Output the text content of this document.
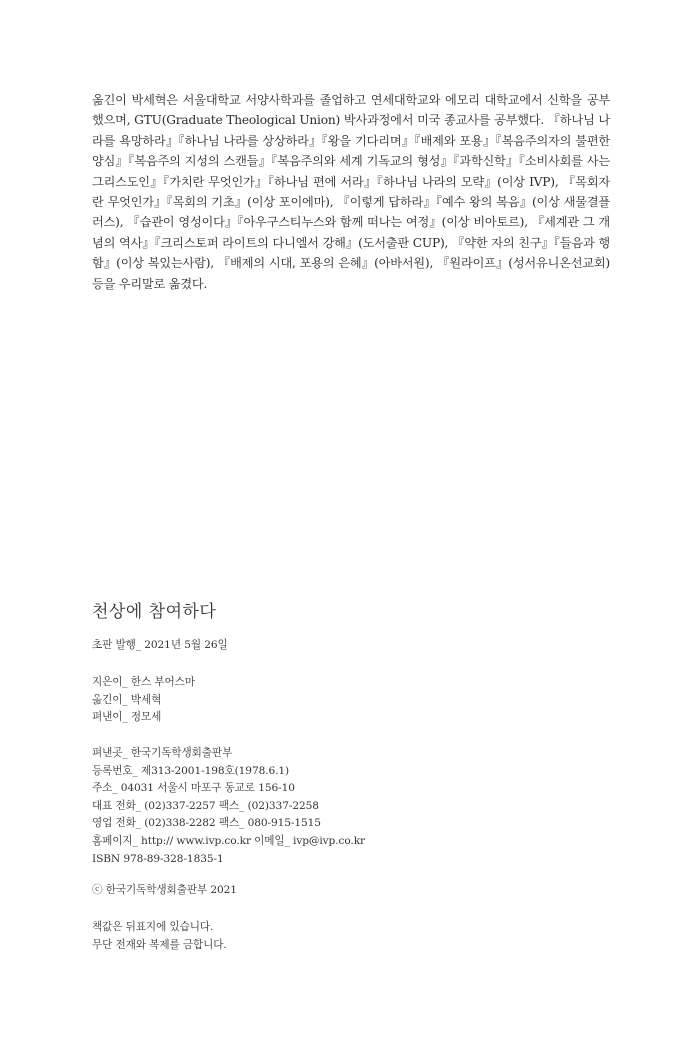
옮긴이 박세혁은 서울대학교 서양사학과를 졸업하고 연세대학교와 에모리 대학교에서 신학을 공부했으며, GTU(Graduate Theological Union) 박사과정에서 미국 종교사를 공부했다. 『하나님 나라를 욕망하라』『하나님 나라를 상상하라』『왕을 기다리며』『배제와 포용』『복음주의자의 불편한 양심』『복음주의 지성의 스캔들』『복음주의와 세계 기독교의 형성』『과학신학』『소비사회를 사는 그리스도인』『가치란 무엇인가』『하나님 편에 서라』『하나님 나라의 모략』(이상 IVP), 『목회자란 무엇인가』『목회의 기초』(이상 포이에마), 『이렇게 답하라』『예수 왕의 복음』(이상 새물결플러스), 『습관이 영성이다』『아우구스티누스와 함께 떠나는 여정』(이상 비아토르), 『세계관 그 개념의 역사』『크리스토퍼 라이트의 다니엘서 강해』(도서출판 CUP), 『약한 자의 친구』『들음과 행함』(이상 복있는사람), 『배제의 시대, 포용의 은혜』(아바서원), 『원라이프』(성서유니온선교회) 등을 우리말로 옮겼다.
천상에 참여하다
초판 발행_ 2021년 5월 26일
지은이_ 한스 부어스마
옮긴이_ 박세혁
펴낸이_ 정모세
펴낸곳_ 한국기독학생회출판부
등록번호_ 제313-2001-198호(1978.6.1)
주소_ 04031 서울시 마포구 동교로 156-10
대표 전화_ (02)337-2257 팩스_ (02)337-2258
영업 전화_ (02)338-2282 팩스_ 080-915-1515
홈페이지_ http:// www.ivp.co.kr 이메일_ ivp@ivp.co.kr
ISBN 978-89-328-1835-1
ⓒ 한국기독학생회출판부 2021
책값은 뒤표지에 있습니다.
무단 전재와 복제를 금합니다.
